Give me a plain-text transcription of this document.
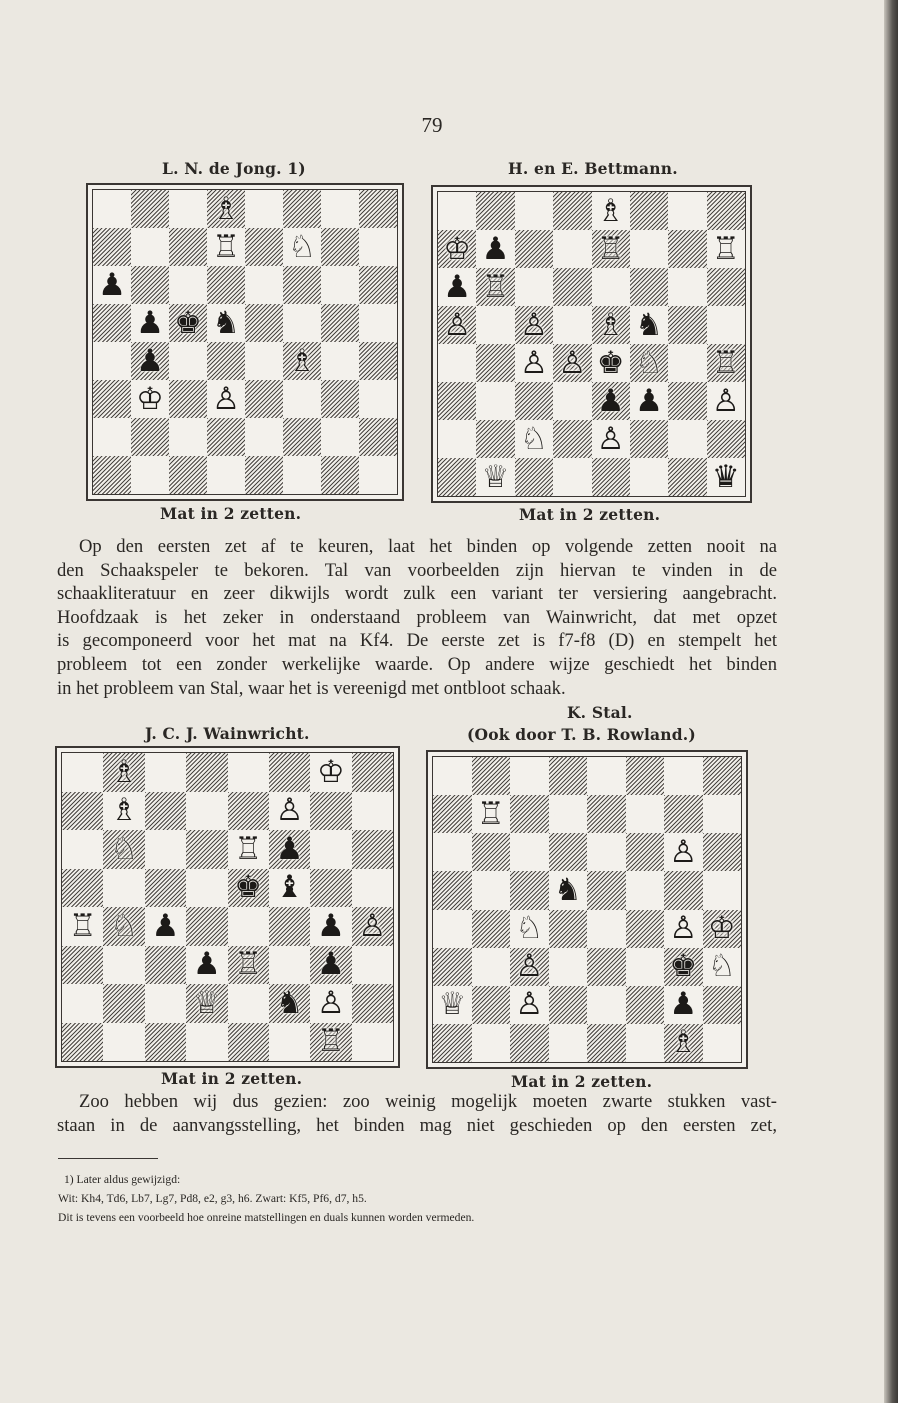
79
L. N. de Jong. 1)
♗
♖ ♘
♟
♟ ♚ ♞
♟	♗
♔ ♙
Mat in 2 zetten.
H. en E. Bettmann.
♗
♔ ♟	♖	♖
♟ ♖
♙ ♙ ♗ ♞
♙ ♙ ♚ ♘ ♖
♟ ♟ ♙
♘ ♙
♕	♛
Mat in 2 zetten.
Op den eersten zet af te keuren, laat het binden op volgende zetten nooit na
den Schaakspeler te bekoren. Tal van voorbeelden zijn hiervan te vinden in de
schaakliteratuur en zeer dikwijls wordt zulk een variant ter versiering aangebracht.
Hoofdzaak is het zeker in onderstaand probleem van Wainwricht, dat met opzet
is gecomponeerd voor het mat na Kf4. De eerste zet is f7-f8 (D) en stempelt het
probleem tot een zonder werkelijke waarde. Op andere wijze geschiedt het binden
in het probleem van Stal, waar het is vereenigd met ontbloot schaak.
J. C. J. Wainwricht.
♗	♔
♗	♙
♘	♖ ♟
♚ ♝
♖ ♘ ♟	♟ ♙
♟ ♖ ♟
♕ ♞ ♙
♖
Mat in 2 zetten.
K. Stal.
(Ook door T. B. Rowland.)
♖
♙
♞
♘	♙ ♔
♙	♚ ♘
♕ ♙	♟
♗
Mat in 2 zetten.
Zoo hebben wij dus gezien: zoo weinig mogelijk moeten zwarte stukken vast-
staan in de aanvangsstelling, het binden mag niet geschieden op den eersten zet,
1) Later aldus gewijzigd:
Wit: Kh4, Td6, Lb7, Lg7, Pd8, e2, g3, h6. Zwart: Kf5, Pf6, d7, h5.
Dit is tevens een voorbeeld hoe onreine matstellingen en duals kunnen worden vermeden.
